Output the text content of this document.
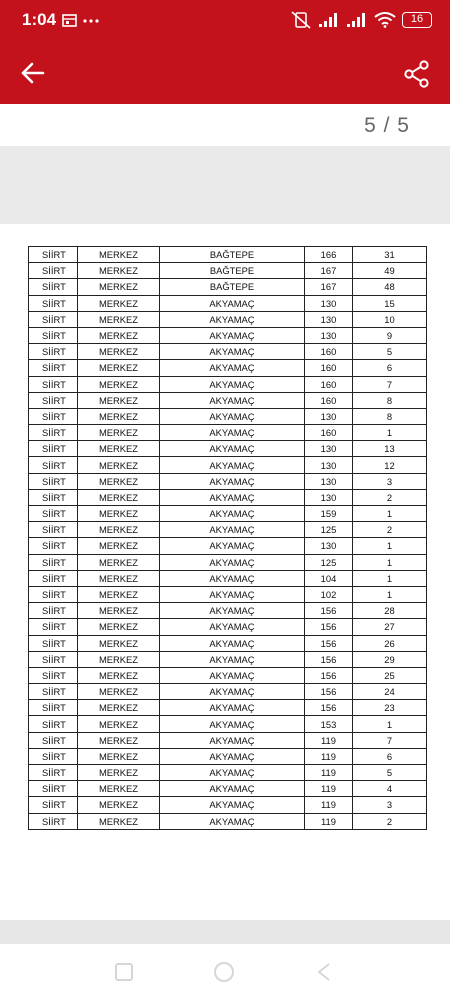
1:04	16
5 / 5
SİİRT	MERKEZ	BAĞTEPE	166	31
SİİRT	MERKEZ	BAĞTEPE	167	49
SİİRT	MERKEZ	BAĞTEPE	167	48
SİİRT	MERKEZ	AKYAMAÇ	130	15
SİİRT	MERKEZ	AKYAMAÇ	130	10
SİİRT	MERKEZ	AKYAMAÇ	130	9
SİİRT	MERKEZ	AKYAMAÇ	160	5
SİİRT	MERKEZ	AKYAMAÇ	160	6
SİİRT	MERKEZ	AKYAMAÇ	160	7
SİİRT	MERKEZ	AKYAMAÇ	160	8
SİİRT	MERKEZ	AKYAMAÇ	130	8
SİİRT	MERKEZ	AKYAMAÇ	160	1
SİİRT	MERKEZ	AKYAMAÇ	130	13
SİİRT	MERKEZ	AKYAMAÇ	130	12
SİİRT	MERKEZ	AKYAMAÇ	130	3
SİİRT	MERKEZ	AKYAMAÇ	130	2
SİİRT	MERKEZ	AKYAMAÇ	159	1
SİİRT	MERKEZ	AKYAMAÇ	125	2
SİİRT	MERKEZ	AKYAMAÇ	130	1
SİİRT	MERKEZ	AKYAMAÇ	125	1
SİİRT	MERKEZ	AKYAMAÇ	104	1
SİİRT	MERKEZ	AKYAMAÇ	102	1
SİİRT	MERKEZ	AKYAMAÇ	156	28
SİİRT	MERKEZ	AKYAMAÇ	156	27
SİİRT	MERKEZ	AKYAMAÇ	156	26
SİİRT	MERKEZ	AKYAMAÇ	156	29
SİİRT	MERKEZ	AKYAMAÇ	156	25
SİİRT	MERKEZ	AKYAMAÇ	156	24
SİİRT	MERKEZ	AKYAMAÇ	156	23
SİİRT	MERKEZ	AKYAMAÇ	153	1
SİİRT	MERKEZ	AKYAMAÇ	119	7
SİİRT	MERKEZ	AKYAMAÇ	119	6
SİİRT	MERKEZ	AKYAMAÇ	119	5
SİİRT	MERKEZ	AKYAMAÇ	119	4
SİİRT	MERKEZ	AKYAMAÇ	119	3
SİİRT	MERKEZ	AKYAMAÇ	119	2
